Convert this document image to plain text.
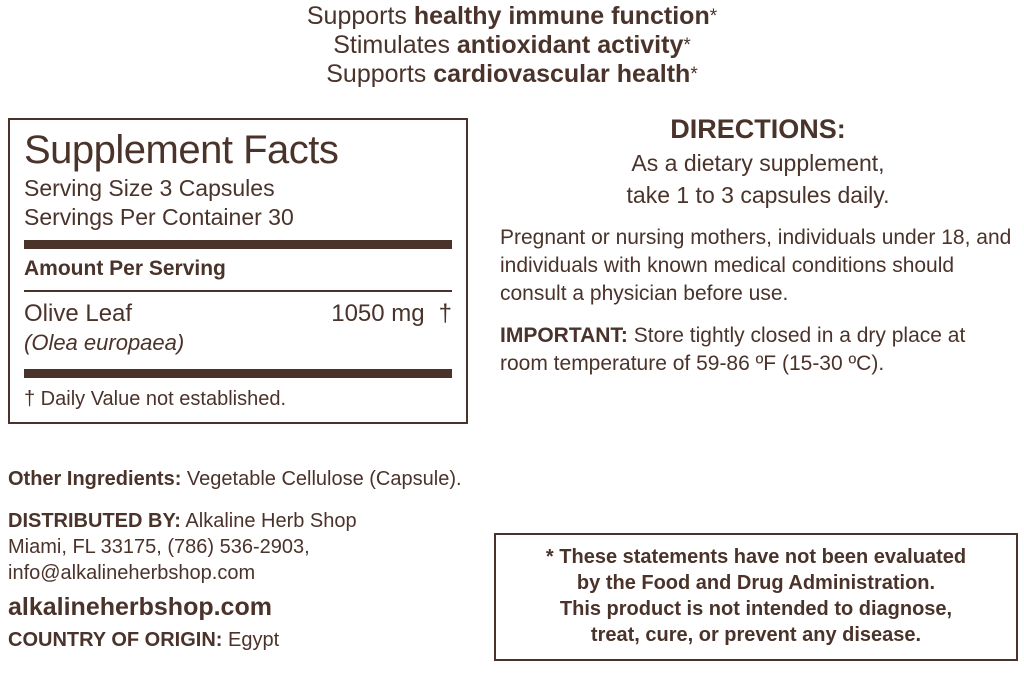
Supports healthy immune function*
Stimulates antioxidant activity*
Supports cardiovascular health*
Supplement Facts
Serving Size 3 Capsules
Servings Per Container 30
Amount Per Serving
Olive Leaf	1050 mg †
(Olea europaea)
† Daily Value not established.
Other Ingredients: Vegetable Cellulose (Capsule).
DISTRIBUTED BY: Alkaline Herb Shop
Miami, FL 33175, (786) 536-2903,
info@alkalineherbshop.com
alkalineherbshop.com
COUNTRY OF ORIGIN: Egypt
DIRECTIONS:
As a dietary supplement,
take 1 to 3 capsules daily.
Pregnant or nursing mothers, individuals under 18, and individuals with known medical conditions should consult a physician before use.
IMPORTANT: Store tightly closed in a dry place at room temperature of 59-86 ºF (15-30 ºC).
* These statements have not been evaluated
by the Food and Drug Administration.
This product is not intended to diagnose,
treat, cure, or prevent any disease.
